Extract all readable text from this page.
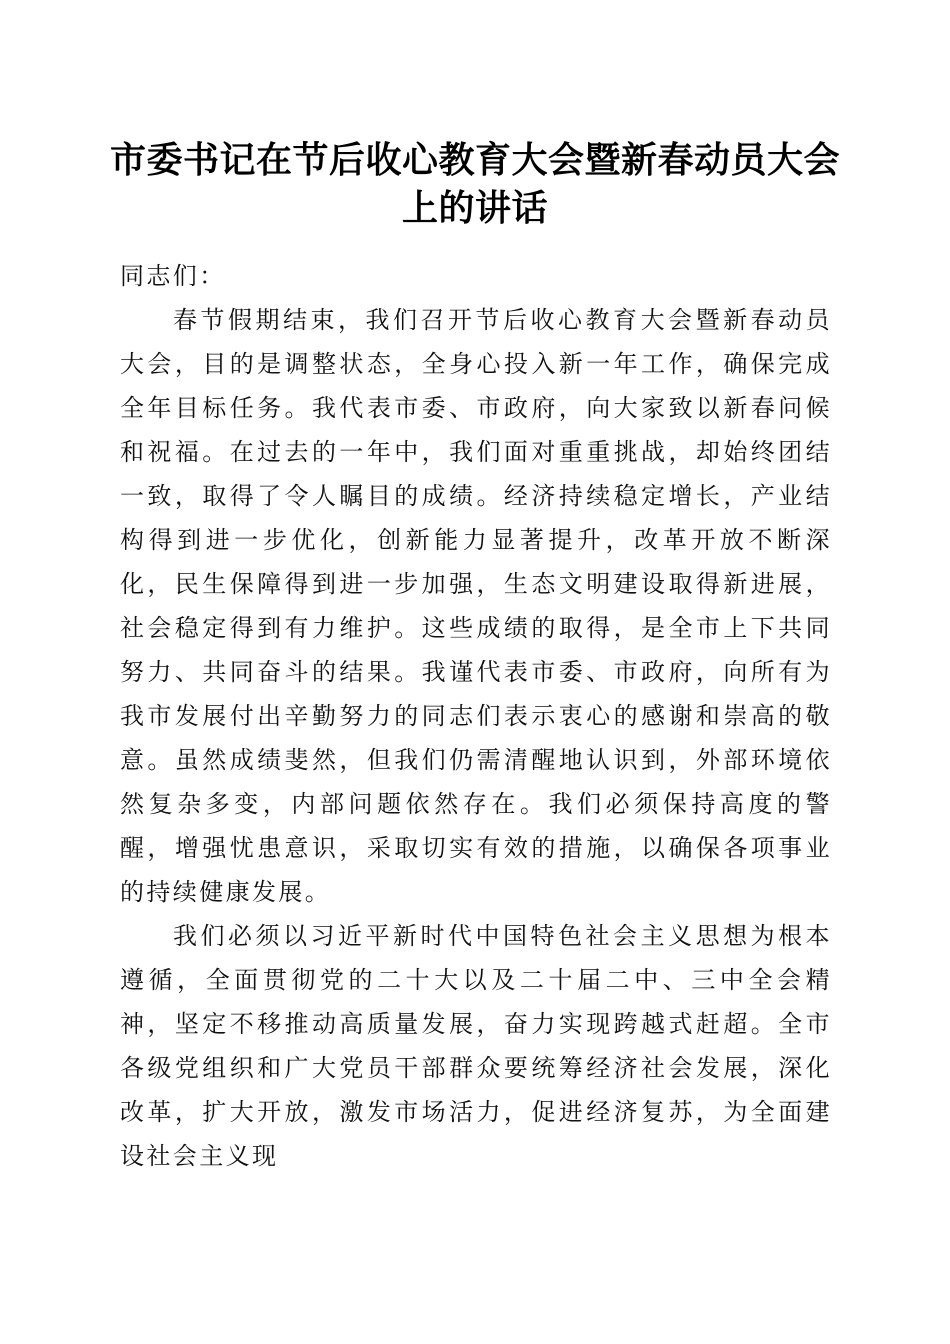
市委书记在节后收心教育大会暨新春动员大会上的讲话

同志们：

春节假期结束，我们召开节后收心教育大会暨新春动员大会，目的是调整状态，全身心投入新一年工作，确保完成全年目标任务。我代表市委、市政府，向大家致以新春问候和祝福。在过去的一年中，我们面对重重挑战，却始终团结一致，取得了令人瞩目的成绩。经济持续稳定增长，产业结构得到进一步优化，创新能力显著提升，改革开放不断深化，民生保障得到进一步加强，生态文明建设取得新进展，社会稳定得到有力维护。这些成绩的取得，是全市上下共同努力、共同奋斗的结果。我谨代表市委、市政府，向所有为我市发展付出辛勤努力的同志们表示衷心的感谢和崇高的敬意。虽然成绩斐然，但我们仍需清醒地认识到，外部环境依然复杂多变，内部问题依然存在。我们必须保持高度的警醒，增强忧患意识，采取切实有效的措施，以确保各项事业的持续健康发展。

我们必须以习近平新时代中国特色社会主义思想为根本遵循，全面贯彻党的二十大以及二十届二中、三中全会精神，坚定不移推动高质量发展，奋力实现跨越式赶超。全市各级党组织和广大党员干部群众要统筹经济社会发展，深化改革，扩大开放，激发市场活力，促进经济复苏，为全面建设社会主义现
